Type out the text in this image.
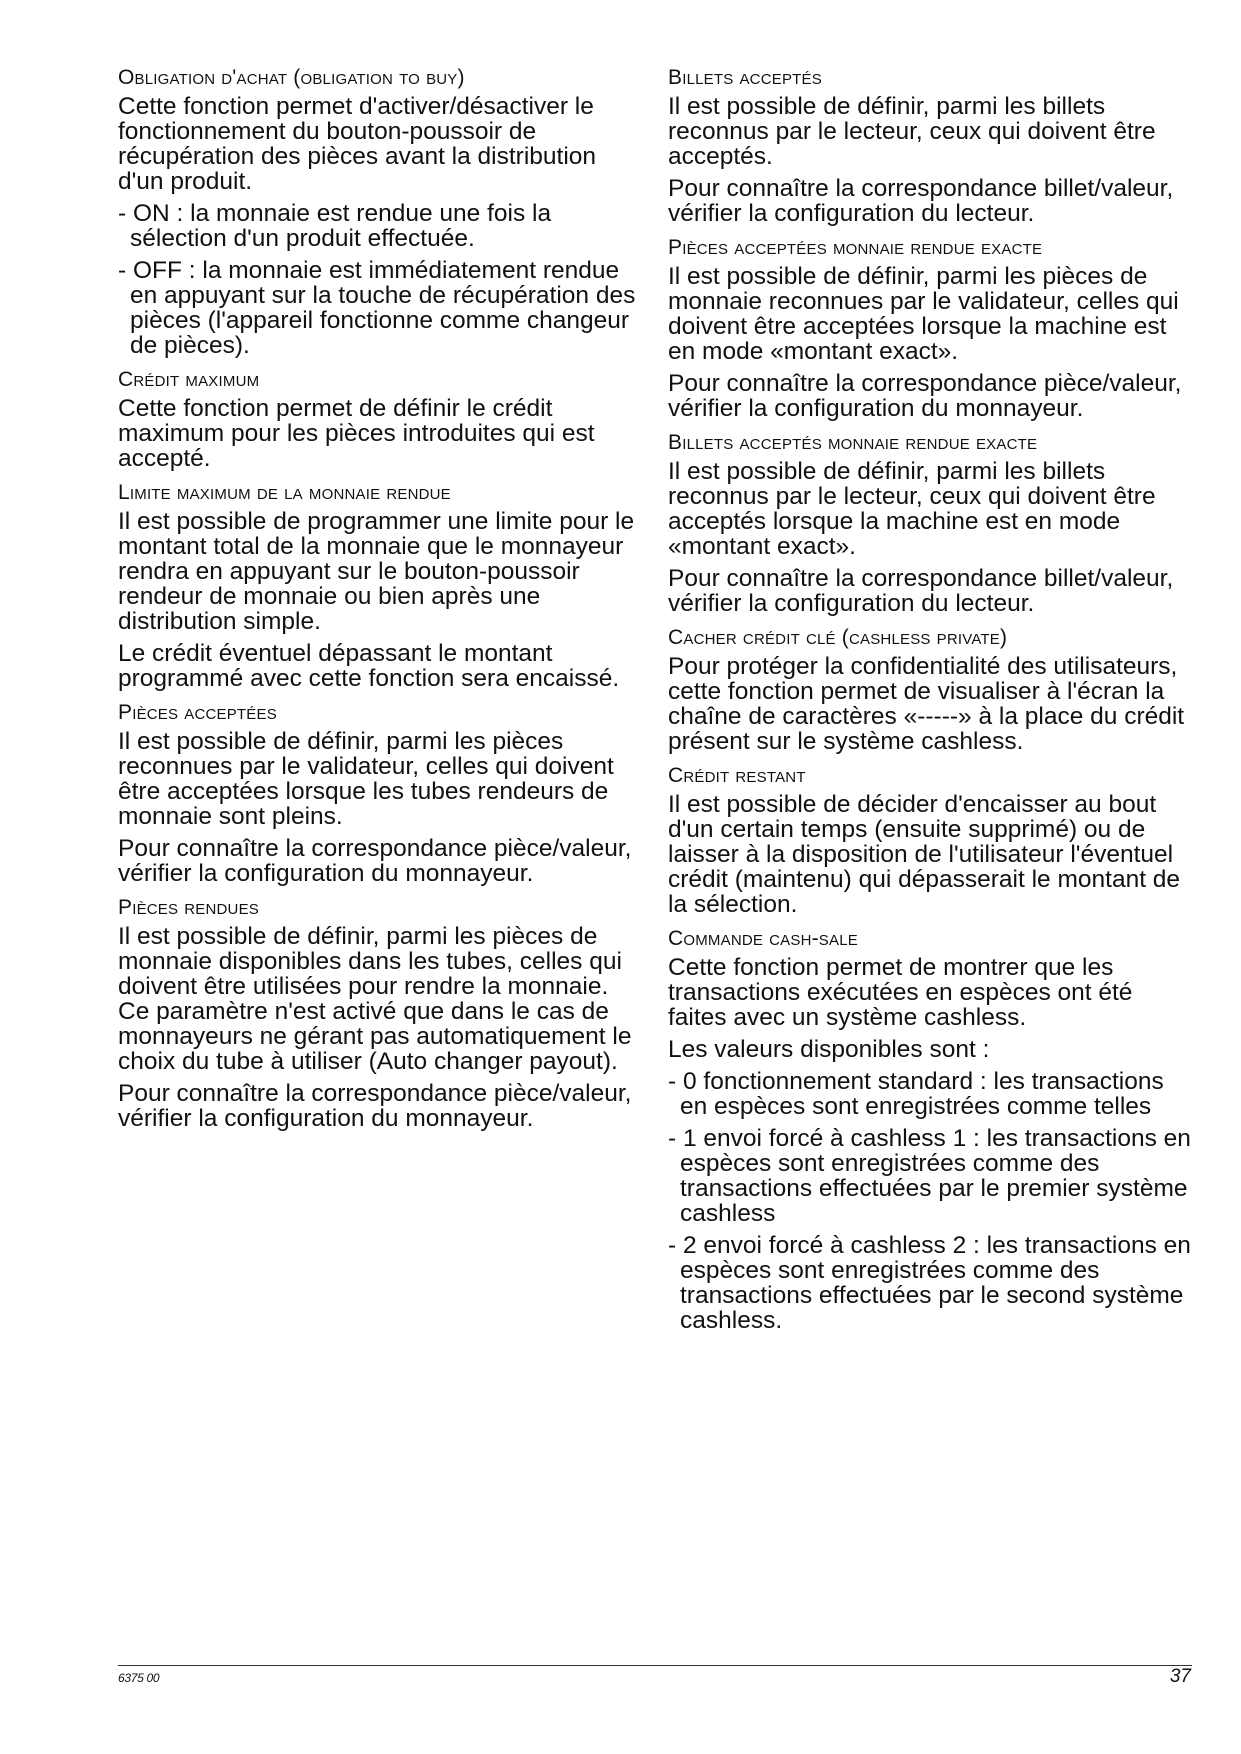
Obligation d'achat (obligation to buy)
Cette fonction permet d'activer/désactiver le fonctionnement du bouton-poussoir de récupération des pièces avant la distribution d'un produit.
- ON : la monnaie est rendue une fois la sélection d'un produit effectuée.
- OFF : la monnaie est immédiatement rendue en appuyant sur la touche de récupération des pièces (l'appareil fonctionne comme changeur de pièces).
Crédit maximum
Cette fonction permet de définir le crédit maximum pour les pièces introduites qui est accepté.
Limite maximum de la monnaie rendue
Il est possible de programmer une limite pour le montant total de la monnaie que le monnayeur rendra en appuyant sur le bouton-poussoir rendeur de monnaie ou bien après une distribution simple.
Le crédit éventuel dépassant le montant programmé avec cette fonction sera encaissé.
Pièces acceptées
Il est possible de définir, parmi les pièces reconnues par le validateur, celles qui doivent être acceptées lorsque les tubes rendeurs de monnaie sont pleins.
Pour connaître la correspondance pièce/valeur, vérifier la configuration du monnayeur.
Pièces rendues
Il est possible de définir, parmi les pièces de monnaie disponibles dans les tubes, celles qui doivent être utilisées pour rendre la monnaie. Ce paramètre n'est activé que dans le cas de monnayeurs ne gérant pas automatiquement le choix du tube à utiliser (Auto changer payout).
Pour connaître la correspondance pièce/valeur, vérifier la configuration du monnayeur.
Billets acceptés
Il est possible de définir, parmi les billets reconnus par le lecteur, ceux qui doivent être acceptés.
Pour connaître la correspondance billet/valeur, vérifier la configuration du lecteur.
Pièces acceptées monnaie rendue exacte
Il est possible de définir, parmi les pièces de monnaie reconnues par le validateur, celles qui doivent être acceptées lorsque la machine est en mode «montant exact».
Pour connaître la correspondance pièce/valeur, vérifier la configuration du monnayeur.
Billets acceptés monnaie rendue exacte
Il est possible de définir, parmi les billets reconnus par le lecteur, ceux qui doivent être acceptés lorsque la machine est en mode «montant exact».
Pour connaître la correspondance billet/valeur, vérifier la configuration du lecteur.
Cacher crédit clé (cashless private)
Pour protéger la confidentialité des utilisateurs, cette fonction permet de visualiser à l'écran la chaîne de caractères «-----» à la place du crédit présent sur le système cashless.
Crédit restant
Il est possible de décider d'encaisser au bout d'un certain temps (ensuite supprimé) ou de laisser à la disposition de l'utilisateur l'éventuel crédit (maintenu) qui dépasserait le montant de la sélection.
Commande cash-sale
Cette fonction permet de montrer que les transactions exécutées en espèces ont été faites avec un système cashless.
Les valeurs disponibles sont :
- 0 fonctionnement standard : les transactions en espèces sont enregistrées comme telles
- 1 envoi forcé à cashless 1 : les transactions en espèces sont enregistrées comme des transactions effectuées par le premier système cashless
- 2 envoi forcé à cashless 2 : les transactions en espèces sont enregistrées comme des transactions effectuées par le second système cashless.
6375 00	37
